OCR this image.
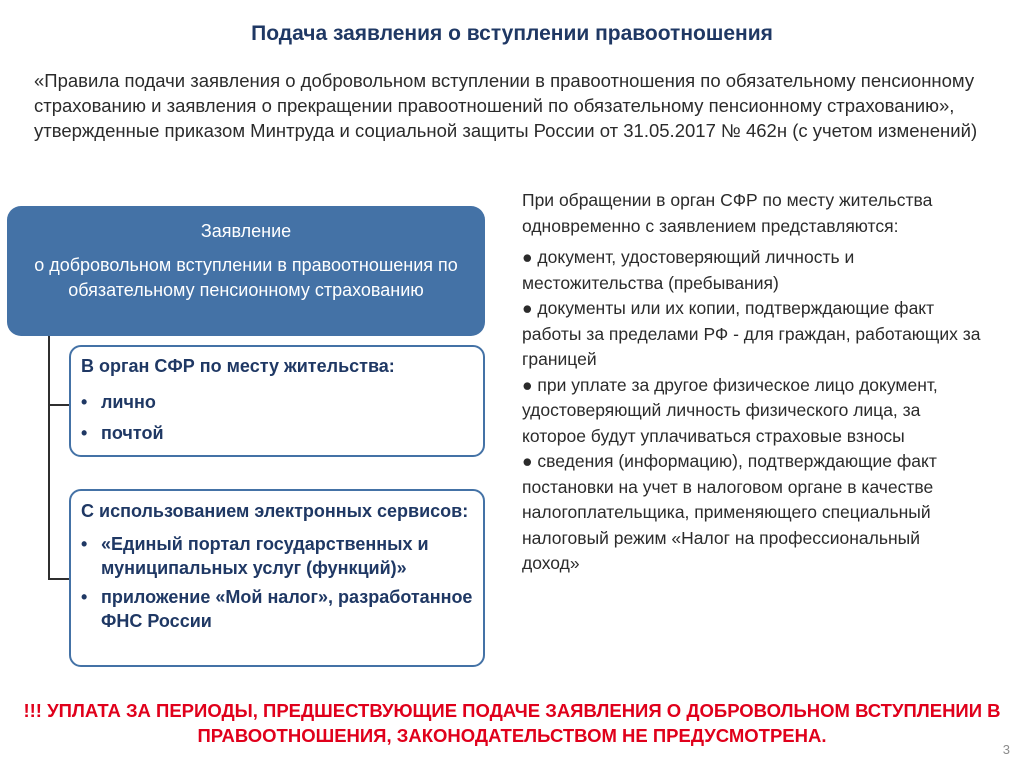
Подача заявления о вступлении правоотношения
«Правила подачи заявления о добровольном вступлении в правоотношения по обязательному пенсионному страхованию и заявления о прекращении правоотношений по обязательному пенсионному страхованию», утвержденные приказом Минтруда и социальной защиты России от 31.05.2017 № 462н (с учетом изменений)
Заявление
о добровольном вступлении в правоотношения по обязательному пенсионному страхованию
В орган СФР по месту жительства:
• лично
• почтой
С использованием электронных сервисов:
• «Единый портал государственных и муниципальных услуг (функций)»
• приложение «Мой налог», разработанное ФНС России
При обращении в орган СФР по месту жительства одновременно с заявлением представляются:

● документ, удостоверяющий личность и местожительства (пребывания)

● документы или их копии, подтверждающие факт работы за пределами РФ - для граждан, работающих за границей

● при уплате за другое физическое лицо документ, удостоверяющий личность физического лица, за которое будут уплачиваться страховые взносы

● сведения (информацию), подтверждающие факт постановки на учет в налоговом органе в качестве налогоплательщика, применяющего специальный налоговый режим «Налог на профессиональный доход»

!!! УПЛАТА ЗА ПЕРИОДЫ, ПРЕДШЕСТВУЮЩИЕ ПОДАЧЕ ЗАЯВЛЕНИЯ О ДОБРОВОЛЬНОМ ВСТУПЛЕНИИ В ПРАВООТНОШЕНИЯ, ЗАКОНОДАТЕЛЬСТВОМ НЕ ПРЕДУСМОТРЕНА.
3
